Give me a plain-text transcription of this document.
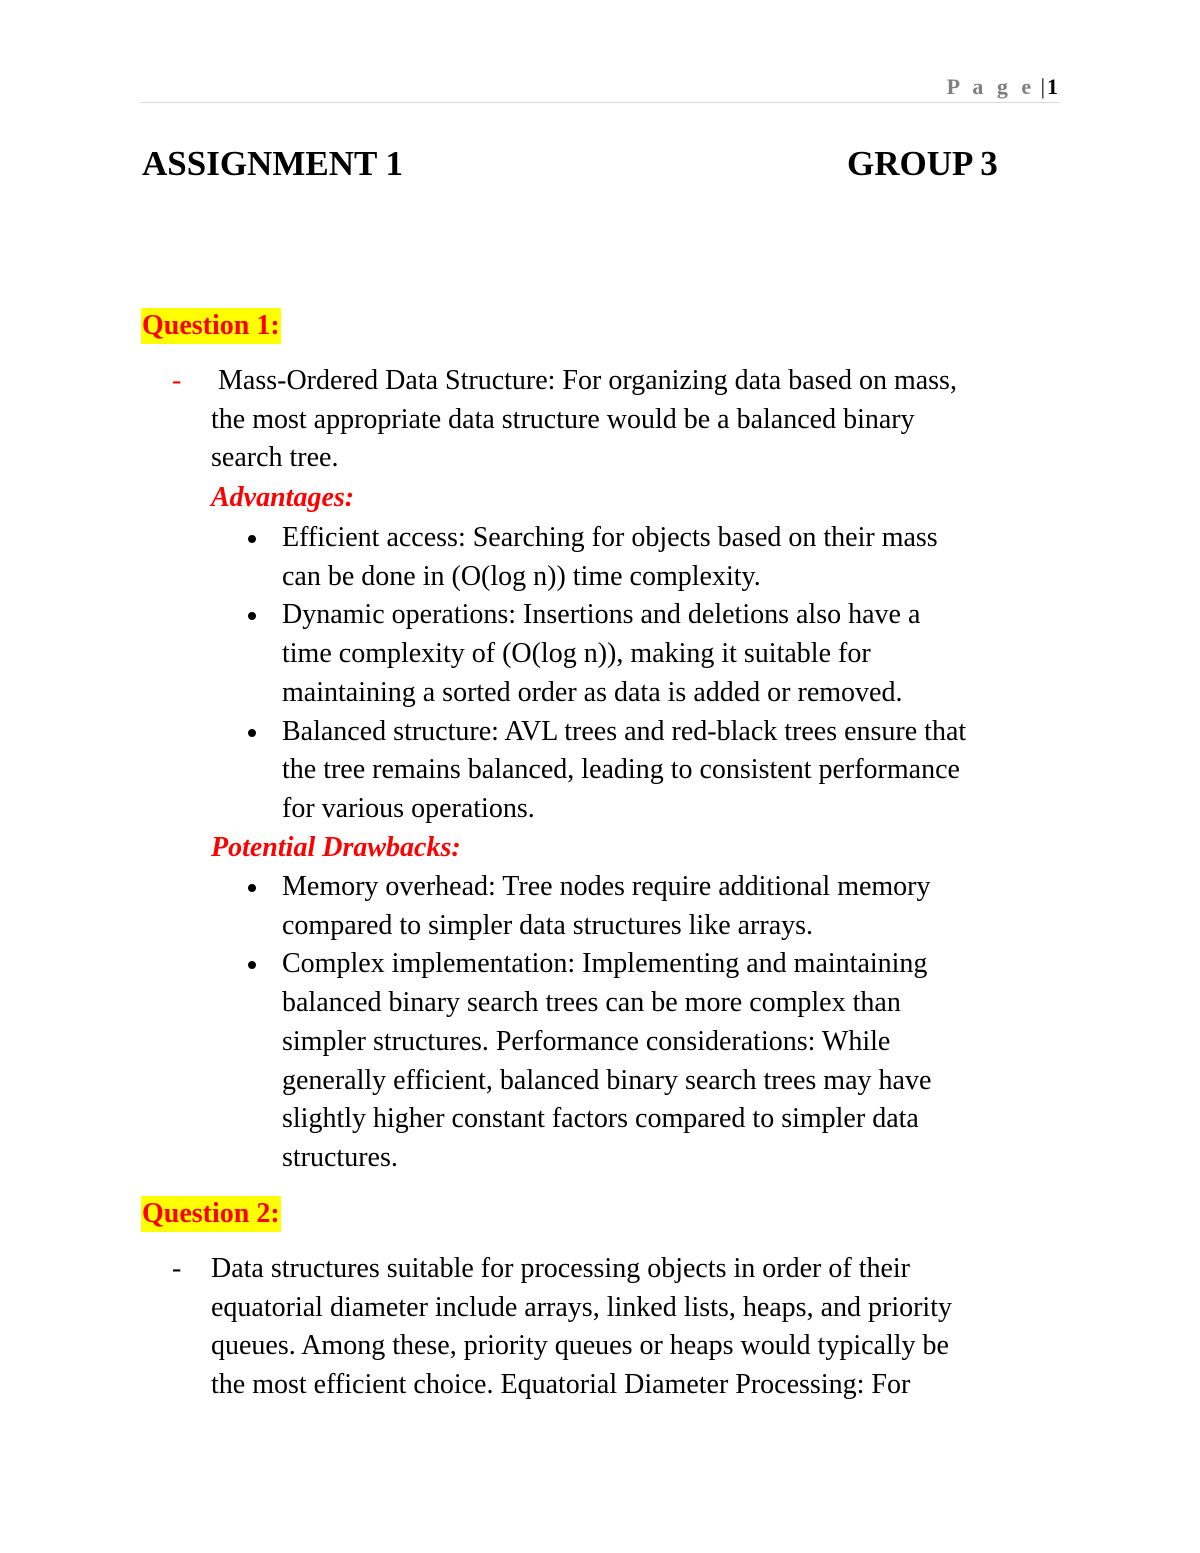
P a g e |1
ASSIGNMENT 1	GROUP 3
Question 1:
- Mass-Ordered Data Structure: For organizing data based on mass,
the most appropriate data structure would be a balanced binary
search tree.
Advantages:
Efficient access: Searching for objects based on their mass
can be done in (O(log n)) time complexity.
Dynamic operations: Insertions and deletions also have a
time complexity of (O(log n)), making it suitable for
maintaining a sorted order as data is added or removed.
Balanced structure: AVL trees and red-black trees ensure that
the tree remains balanced, leading to consistent performance
for various operations.
Potential Drawbacks:
Memory overhead: Tree nodes require additional memory
compared to simpler data structures like arrays.
Complex implementation: Implementing and maintaining
balanced binary search trees can be more complex than
simpler structures. Performance considerations: While
generally efficient, balanced binary search trees may have
slightly higher constant factors compared to simpler data
structures.
Question 2:
- Data structures suitable for processing objects in order of their
equatorial diameter include arrays, linked lists, heaps, and priority
queues. Among these, priority queues or heaps would typically be
the most efficient choice. Equatorial Diameter Processing: For
